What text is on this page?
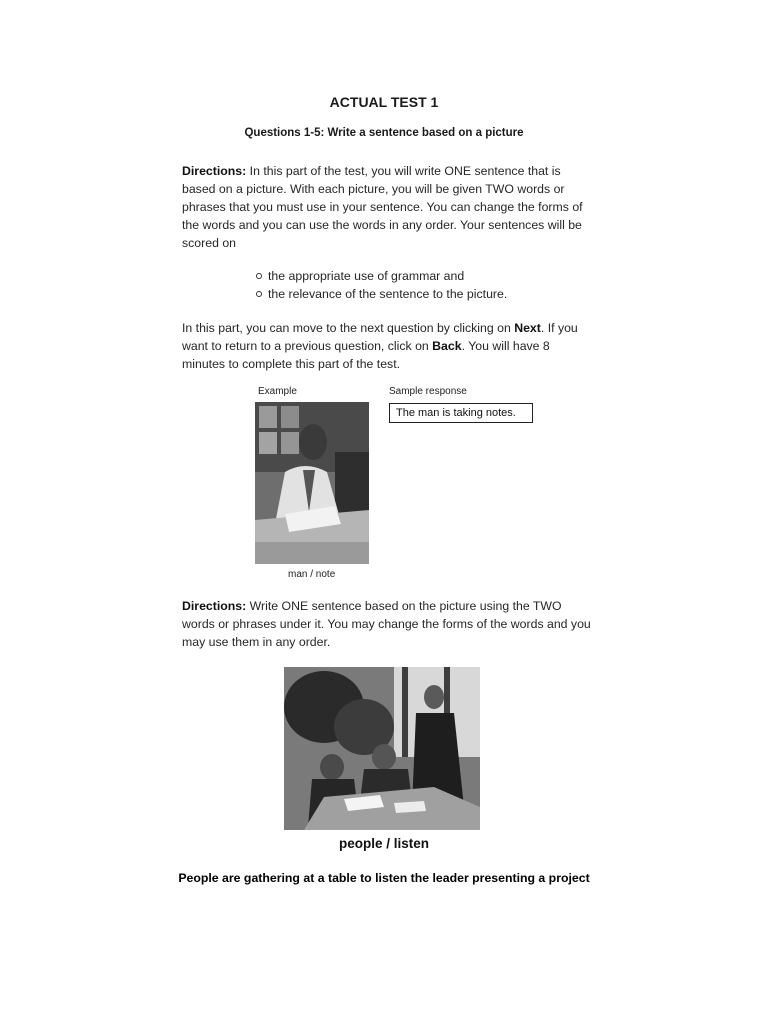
ACTUAL TEST 1
Questions 1-5: Write a sentence based on a picture
Directions: In this part of the test, you will write ONE sentence that is based on a picture. With each picture, you will be given TWO words or phrases that you must use in your sentence. You can change the forms of the words and you can use the words in any order. Your sentences will be scored on
the appropriate use of grammar and
the relevance of the sentence to the picture.
In this part, you can move to the next question by clicking on Next. If you want to return to a previous question, click on Back. You will have 8 minutes to complete this part of the test.
Example	Sample response
The man is taking notes.
man / note
Directions: Write ONE sentence based on the picture using the TWO words or phrases under it. You may change the forms of the words and you may use them in any order.
people / listen
People are gathering at a table to listen the leader presenting a project
